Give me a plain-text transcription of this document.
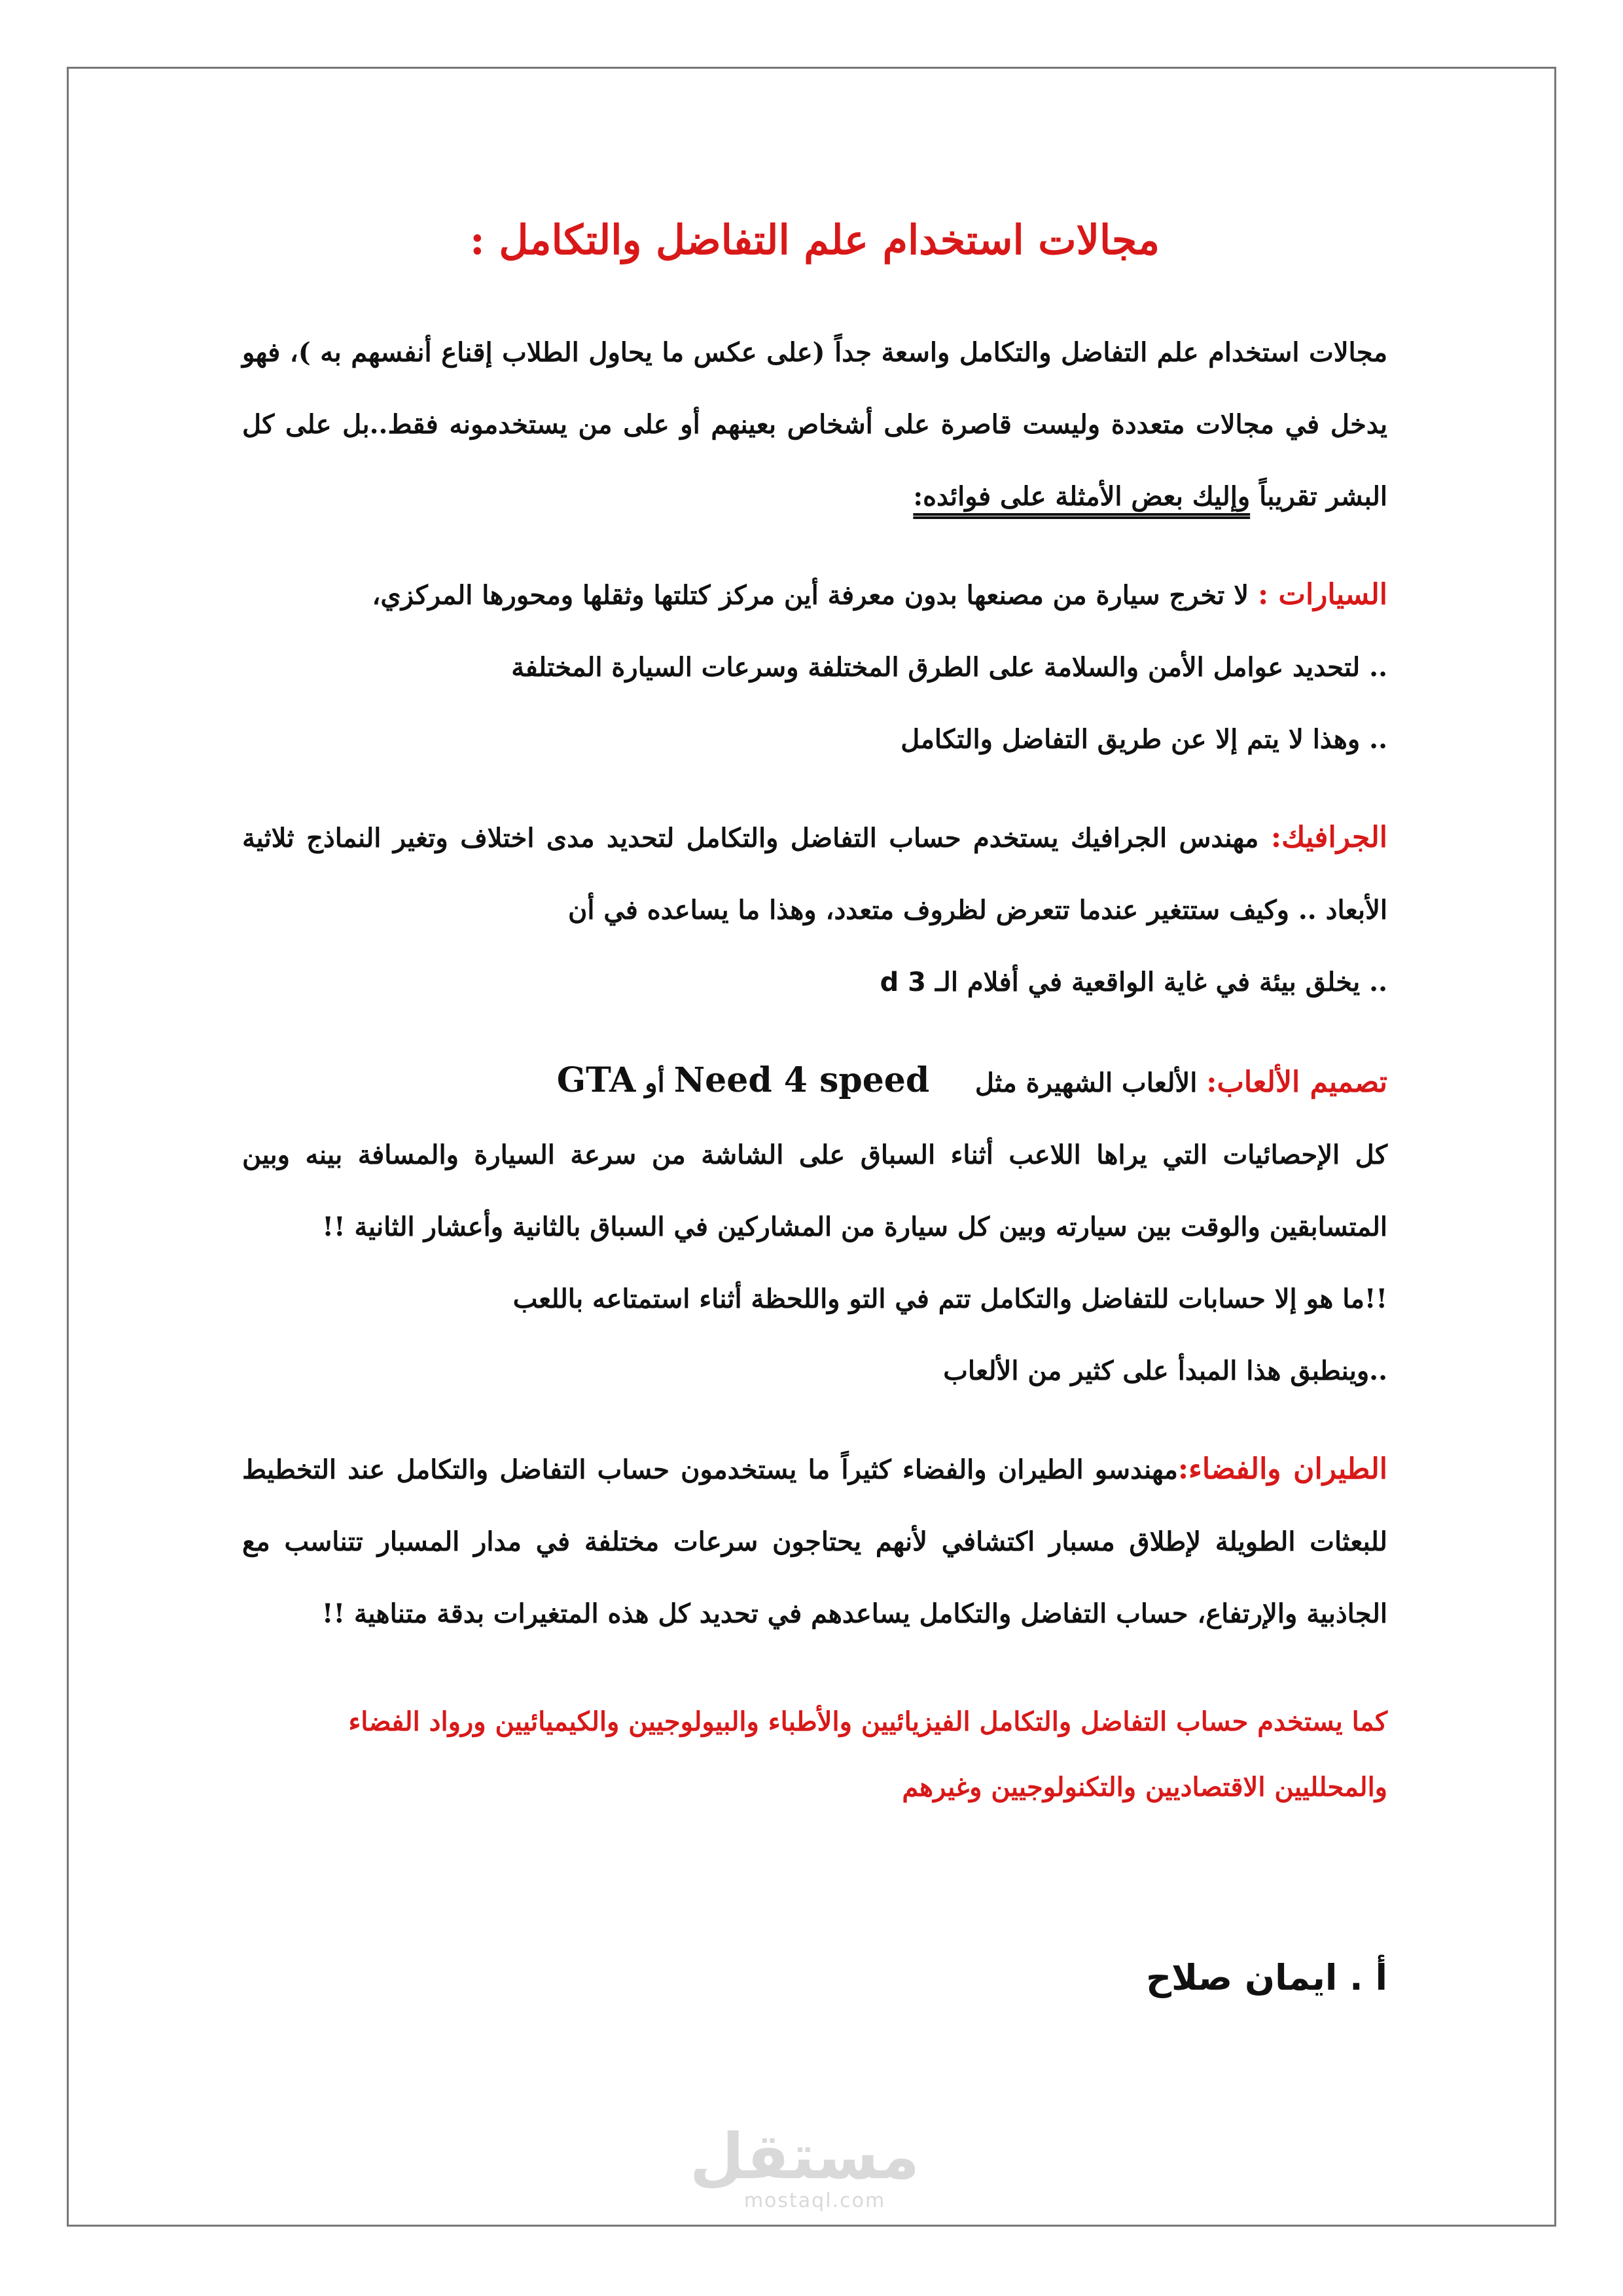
مجالات استخدام علم التفاضل والتكامل :

مجالات استخدام علم التفاضل والتكامل واسعة جداً (على عكس ما يحاول الطلاب إقناع أنفسهم به )، فهو يدخل في مجالات متعددة وليست قاصرة على أشخاص بعينهم أو على من يستخدمونه فقط..بل على كل البشر تقريباً وإليك بعض الأمثلة على فوائده:

السيارات : لا تخرج سيارة من مصنعها بدون معرفة أين مركز كتلتها وثقلها ومحورها المركزي،
.. لتحديد عوامل الأمن والسلامة على الطرق المختلفة وسرعات السيارة المختلفة
.. وهذا لا يتم إلا عن طريق التفاضل والتكامل

الجرافيك: مهندس الجرافيك يستخدم حساب التفاضل والتكامل لتحديد مدى اختلاف وتغير النماذج ثلاثية الأبعاد .. وكيف ستتغير عندما تتعرض لظروف متعدد، وهذا ما يساعده في أن

.. يخلق بيئة في غاية الواقعية في أفلام الـ 3 d
تصميم الألعاب: الألعاب الشهيرة مثل     Need 4 speed أو GTA

كل الإحصائيات التي يراها اللاعب أثناء السباق على الشاشة من سرعة السيارة والمسافة بينه وبين المتسابقين والوقت بين سيارته وبين كل سيارة من المشاركين في السباق بالثانية وأعشار الثانية !!

!!ما هو إلا حسابات للتفاضل والتكامل تتم في التو واللحظة أثناء استمتاعه باللعب
..وينطبق هذا المبدأ على كثير من الألعاب

الطيران والفضاء:مهندسو الطيران والفضاء كثيراً ما يستخدمون حساب التفاضل والتكامل عند التخطيط للبعثات الطويلة لإطلاق مسبار اكتشافي لأنهم يحتاجون سرعات مختلفة في مدار المسبار تتناسب مع الجاذبية والإرتفاع، حساب التفاضل والتكامل يساعدهم في تحديد كل هذه المتغيرات بدقة متناهية !!

كما يستخدم حساب التفاضل والتكامل الفيزيائيين والأطباء والبيولوجيين والكيميائيين ورواد الفضاء والمحلليين الاقتصاديين والتكنولوجيين وغيرهم

أ . ايمان صلاح
مستقل
mostaql.com
